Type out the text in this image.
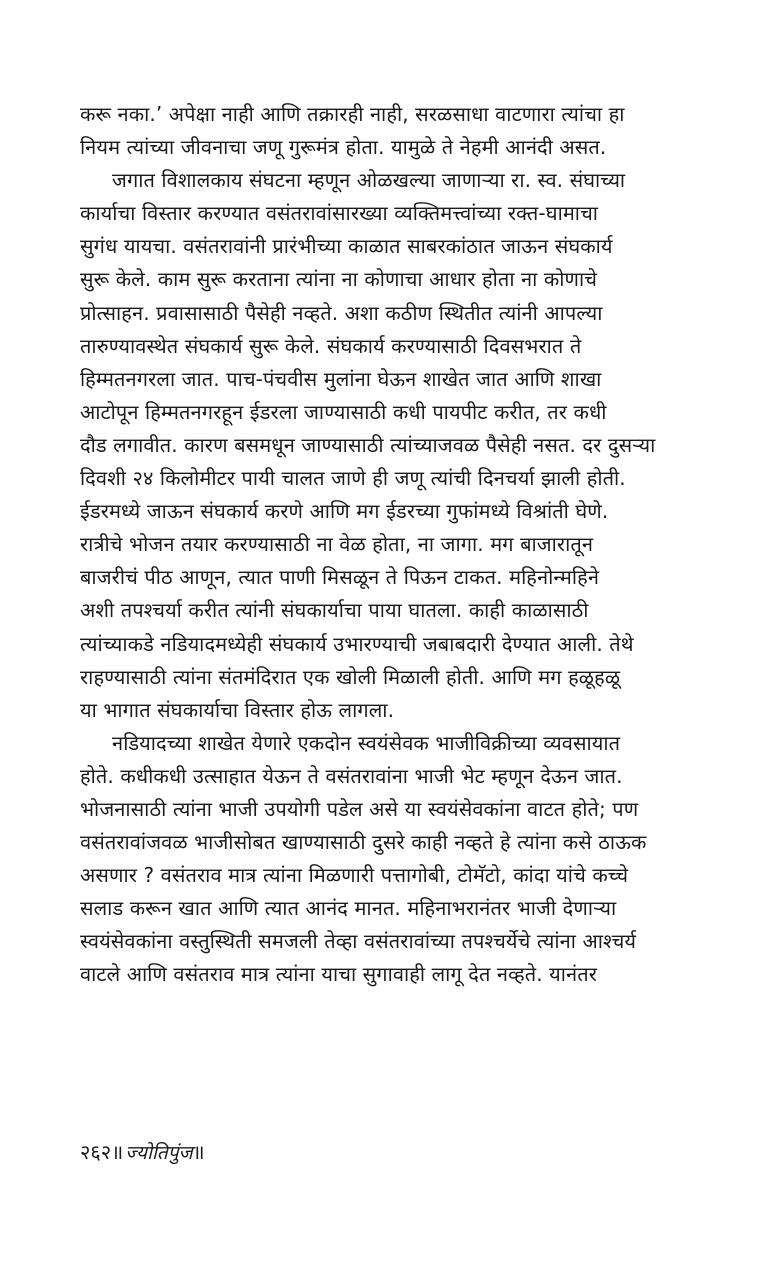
करू नका.’ अपेक्षा नाही आणि तक्रारही नाही, सरळसाधा वाटणारा त्यांचा हा
नियम त्यांच्या जीवनाचा जणू गुरूमंत्र होता. यामुळे ते नेहमी आनंदी असत.
जगात विशालकाय संघटना म्हणून ओळखल्या जाणाऱ्या रा. स्व. संघाच्या
कार्याचा विस्तार करण्यात वसंतरावांसारख्या व्यक्तिमत्त्वांच्या रक्त-घामाचा
सुगंध यायचा. वसंतरावांनी प्रारंभीच्या काळात साबरकांठात जाऊन संघकार्य
सुरू केले. काम सुरू करताना त्यांना ना कोणाचा आधार होता ना कोणाचे
प्रोत्साहन. प्रवासासाठी पैसेही नव्हते. अशा कठीण स्थितीत त्यांनी आपल्या
तारुण्यावस्थेत संघकार्य सुरू केले. संघकार्य करण्यासाठी दिवसभरात ते
हिम्मतनगरला जात. पाच-पंचवीस मुलांना घेऊन शाखेत जात आणि शाखा
आटोपून हिम्मतनगरहून ईडरला जाण्यासाठी कधी पायपीट करीत, तर कधी
दौड लगावीत. कारण बसमधून जाण्यासाठी त्यांच्याजवळ पैसेही नसत. दर दुसऱ्या
दिवशी २४ किलोमीटर पायी चालत जाणे ही जणू त्यांची दिनचर्या झाली होती.
ईडरमध्ये जाऊन संघकार्य करणे आणि मग ईडरच्या गुफांमध्ये विश्रांती घेणे.
रात्रीचे भोजन तयार करण्यासाठी ना वेळ होता, ना जागा. मग बाजारातून
बाजरीचं पीठ आणून, त्यात पाणी मिसळून ते पिऊन टाकत. महिनोन्महिने
अशी तपश्चर्या करीत त्यांनी संघकार्याचा पाया घातला. काही काळासाठी
त्यांच्याकडे नडियादमध्येही संघकार्य उभारण्याची जबाबदारी देण्यात आली. तेथे
राहण्यासाठी त्यांना संतमंदिरात एक खोली मिळाली होती. आणि मग हळूहळू
या भागात संघकार्याचा विस्तार होऊ लागला.
नडियादच्या शाखेत येणारे एकदोन स्वयंसेवक भाजीविक्रीच्या व्यवसायात
होते. कधीकधी उत्साहात येऊन ते वसंतरावांना भाजी भेट म्हणून देऊन जात.
भोजनासाठी त्यांना भाजी उपयोगी पडेल असे या स्वयंसेवकांना वाटत होते; पण
वसंतरावांजवळ भाजीसोबत खाण्यासाठी दुसरे काही नव्हते हे त्यांना कसे ठाऊक
असणार ? वसंतराव मात्र त्यांना मिळणारी पत्तागोबी, टोमॅटो, कांदा यांचे कच्चे
सलाड करून खात आणि त्यात आनंद मानत. महिनाभरानंतर भाजी देणाऱ्या
स्वयंसेवकांना वस्तुस्थिती समजली तेव्हा वसंतरावांच्या तपश्चर्येचे त्यांना आश्चर्य
वाटले आणि वसंतराव मात्र त्यांना याचा सुगावाही लागू देत नव्हते. यानंतर
२६२॥ ज्योतिपुंज॥
